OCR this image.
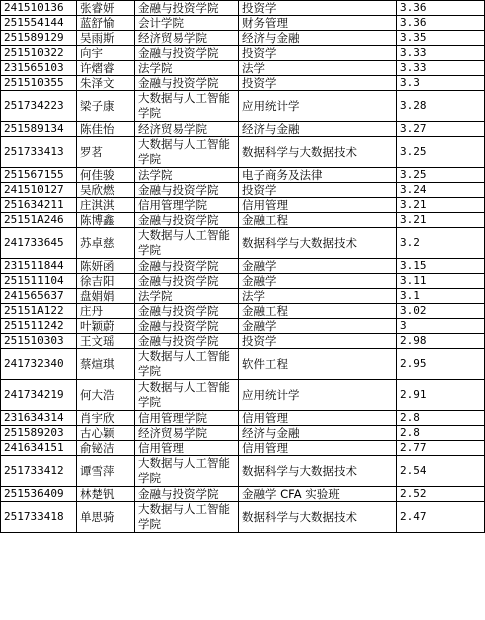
241510136	张睿妍	金融与投资学院	投资学	3.36
251554144	蓝舒愉	会计学院	财务管理	3.36
251589129	吴雨斯	经济贸易学院	经济与金融	3.35
251510322	向宇	金融与投资学院	投资学	3.33
231565103	许熠睿	法学院	法学	3.33
251510355	朱泽文	金融与投资学院	投资学	3.3
251734223	梁子康	大数据与人工智能学院	应用统计学	3.28
251589134	陈佳怡	经济贸易学院	经济与金融	3.27
251733413	罗茗	大数据与人工智能学院	数据科学与大数据技术	3.25
251567155	何佳骏	法学院	电子商务及法律	3.25
241510127	吴欣燃	金融与投资学院	投资学	3.24
251634211	庄淇淇	信用管理学院	信用管理	3.21
25151A246	陈博鑫	金融与投资学院	金融工程	3.21
241733645	苏卓慈	大数据与人工智能学院	数据科学与大数据技术	3.2
231511844	陈妍函	金融与投资学院	金融学	3.15
251511104	徐吉阳	金融与投资学院	金融学	3.11
241565637	盘娟娟	法学院	法学	3.1
25151A122	庄丹	金融与投资学院	金融工程	3.02
251511242	叶颖蔚	金融与投资学院	金融学	3
251510303	王文瑶	金融与投资学院	投资学	2.98
241732340	蔡煊琪	大数据与人工智能学院	软件工程	2.95
241734219	何大浩	大数据与人工智能学院	应用统计学	2.91
231634314	肖宇欣	信用管理学院	信用管理	2.8
251589203	古心颖	经济贸易学院	经济与金融	2.8
241634151	俞铋洁	信用管理	信用管理	2.77
251733412	谭雪萍	大数据与人工智能学院	数据科学与大数据技术	2.54
251536409	林楚钒	金融与投资学院	金融学 CFA 实验班	2.52
251733418	单思骑	大数据与人工智能学院	数据科学与大数据技术	2.47
